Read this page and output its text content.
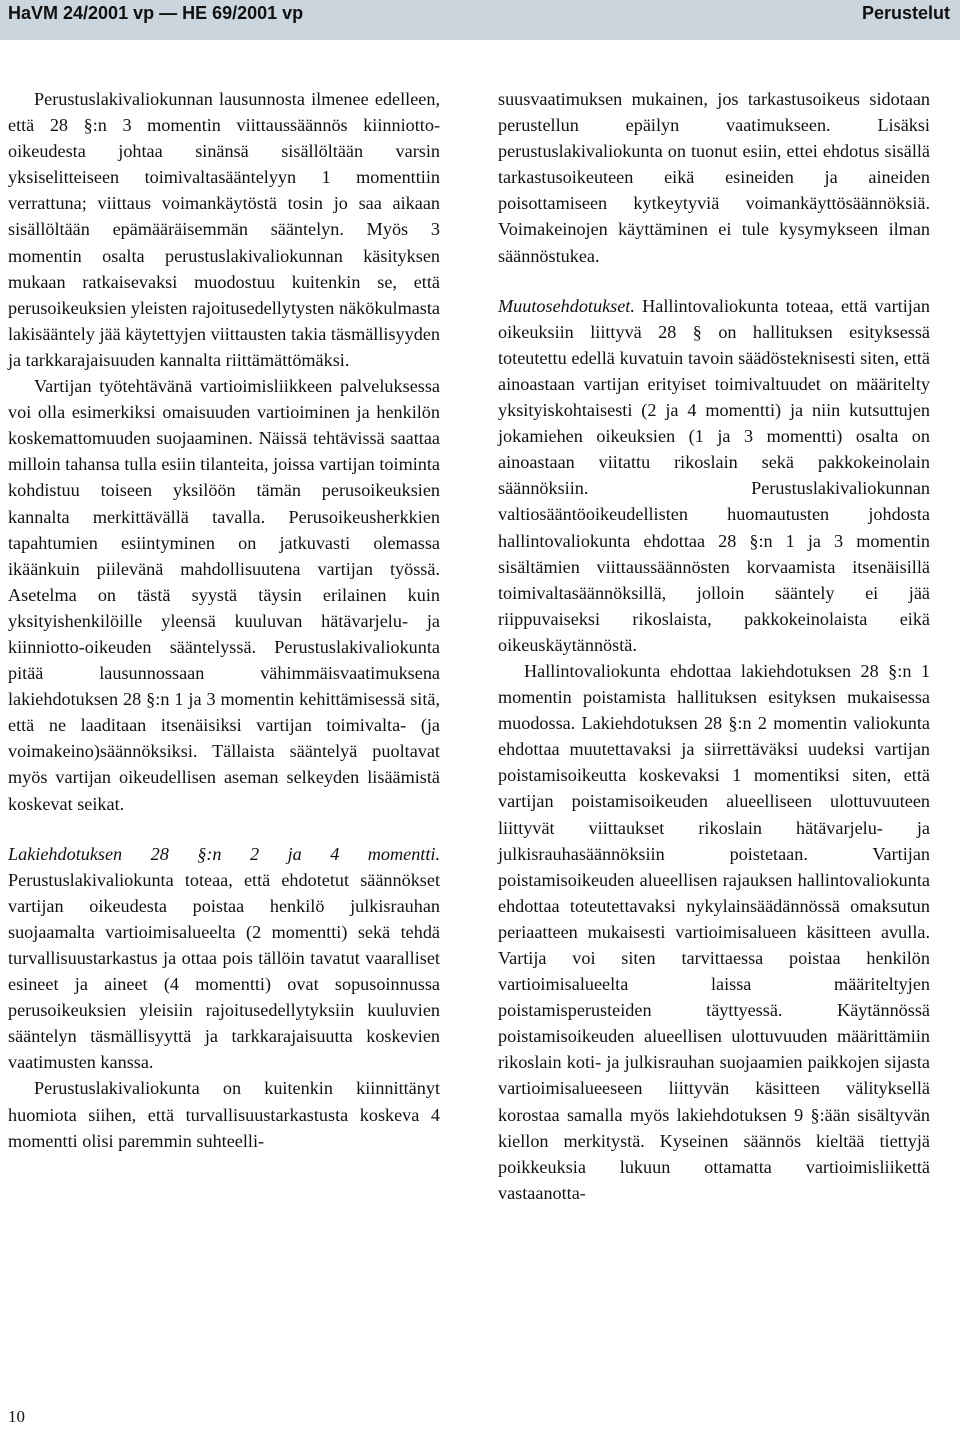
HaVM 24/2001 vp — HE 69/2001 vp	Perustelut

Perustuslakivaliokunnan lausunnosta ilmenee edelleen, että 28 §:n 3 momentin viittaussäännös kiinniotto-oikeudesta johtaa sinänsä sisällöltään varsin yksiselitteiseen toimivaltasääntelyyn 1 momenttiin verrattuna; viittaus voimankäytöstä tosin jo saa aikaan sisällöltään epämääräisemmän sääntelyn. Myös 3 momentin osalta perustuslakivaliokunnan käsityksen mukaan ratkaisevaksi muodostuu kuitenkin se, että perusoikeuksien yleisten rajoitusedellytysten näkökulmasta lakisääntely jää käytettyjen viittausten takia täsmällisyyden ja tarkkarajaisuuden kannalta riittämättömäksi.

Vartijan työtehtävänä vartioimisliikkeen palveluksessa voi olla esimerkiksi omaisuuden vartioiminen ja henkilön koskemattomuuden suojaaminen. Näissä tehtävissä saattaa milloin tahansa tulla esiin tilanteita, joissa vartijan toiminta kohdistuu toiseen yksilöön tämän perusoikeuksien kannalta merkittävällä tavalla. Perusoikeusherkkien tapahtumien esiintyminen on jatkuvasti olemassa ikäänkuin piilevänä mahdollisuutena vartijan työssä. Asetelma on tästä syystä täysin erilainen kuin yksityishenkilöille yleensä kuuluvan hätävarjelu- ja kiinniotto-oikeuden sääntelyssä. Perustuslakivaliokunta pitää lausunnossaan vähimmäisvaatimuksena lakiehdotuksen 28 §:n 1 ja 3 momentin kehittämisessä sitä, että ne laaditaan itsenäisiksi vartijan toimivalta- (ja voimakeino)säännöksiksi. Tällaista sääntelyä puoltavat myös vartijan oikeudellisen aseman selkeyden lisäämistä koskevat seikat.

Lakiehdotuksen 28 §:n 2 ja 4 momentti. Perustuslakivaliokunta toteaa, että ehdotetut säännökset vartijan oikeudesta poistaa henkilö julkisrauhan suojaamalta vartioimisalueelta (2 momentti) sekä tehdä turvallisuustarkastus ja ottaa pois tällöin tavatut vaaralliset esineet ja aineet (4 momentti) ovat sopusoinnussa perusoikeuksien yleisiin rajoitusedellytyksiin kuuluvien sääntelyn täsmällisyyttä ja tarkkarajaisuutta koskevien vaatimusten kanssa.

Perustuslakivaliokunta on kuitenkin kiinnittänyt huomiota siihen, että turvallisuustarkastusta koskeva 4 momentti olisi paremmin suhteelli-

suusvaatimuksen mukainen, jos tarkastusoikeus sidotaan perustellun epäilyn vaatimukseen. Lisäksi perustuslakivaliokunta on tuonut esiin, ettei ehdotus sisällä tarkastusoikeuteen eikä esineiden ja aineiden poisottamiseen kytkeytyviä voimankäyttösäännöksiä. Voimakeinojen käyttäminen ei tule kysymykseen ilman säännöstukea.

Muutosehdotukset. Hallintovaliokunta toteaa, että vartijan oikeuksiin liittyvä 28 § on hallituksen esityksessä toteutettu edellä kuvatuin tavoin säädösteknisesti siten, että ainoastaan vartijan erityiset toimivaltuudet on määritelty yksityiskohtaisesti (2 ja 4 momentti) ja niin kutsuttujen jokamiehen oikeuksien (1 ja 3 momentti) osalta on ainoastaan viitattu rikoslain sekä pakkokeinolain säännöksiin. Perustuslakivaliokunnan valtiosääntöoikeudellisten huomautusten johdosta hallintovaliokunta ehdottaa 28 §:n 1 ja 3 momentin sisältämien viittaussäännösten korvaamista itsenäisillä toimivaltasäännöksillä, jolloin sääntely ei jää riippuvaiseksi rikoslaista, pakkokeinolaista eikä oikeuskäytännöstä.

Hallintovaliokunta ehdottaa lakiehdotuksen 28 §:n 1 momentin poistamista hallituksen esityksen mukaisessa muodossa. Lakiehdotuksen 28 §:n 2 momentin valiokunta ehdottaa muutettavaksi ja siirrettäväksi uudeksi vartijan poistamisoikeutta koskevaksi 1 momentiksi siten, että vartijan poistamisoikeuden alueelliseen ulottuvuuteen liittyvät viittaukset rikoslain hätävarjelu- ja julkisrauhasäännöksiin poistetaan. Vartijan poistamisoikeuden alueellisen rajauksen hallintovaliokunta ehdottaa toteutettavaksi nykylainsäädännössä omaksutun periaatteen mukaisesti vartioimisalueen käsitteen avulla. Vartija voi siten tarvittaessa poistaa henkilön vartioimisalueelta laissa määriteltyjen poistamisperusteiden täyttyessä. Käytännössä poistamisoikeuden alueellisen ulottuvuuden määrittämiin rikoslain koti- ja julkisrauhan suojaamien paikkojen sijasta vartioimisalueeseen liittyvän käsitteen välityksellä korostaa samalla myös lakiehdotuksen 9 §:ään sisältyvän kiellon merkitystä. Kyseinen säännös kieltää tiettyjä poikkeuksia lukuun ottamatta vartioimisliikettä vastaanotta-

10
